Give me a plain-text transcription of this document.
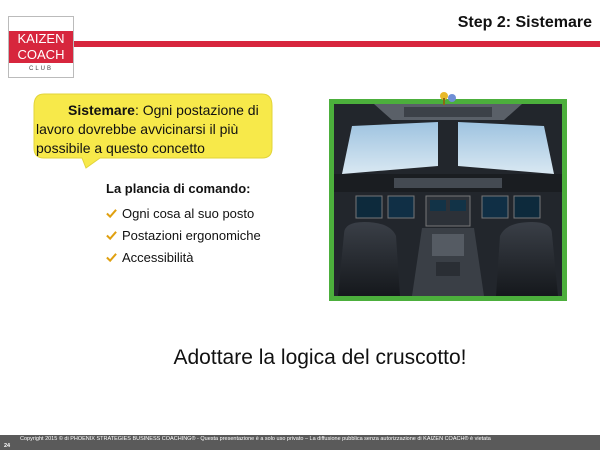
KAIZEN
COACH
CLUB
Step 2: Sistemare
Sistemare: Ogni postazione di lavoro dovrebbe avvicinarsi il più possibile a questo concetto
La plancia di comando:
Ogni cosa al suo posto
Postazioni ergonomiche
Accessibilità
Adottare la logica del cruscotto!
Copyright 2015 © di PHOENIX STRATEGIES BUSINESS COACHING® - Questa presentazione è a solo uso privato – La diffusione pubblica senza autorizzazione di KAIZEN COACH® è vietata
24
